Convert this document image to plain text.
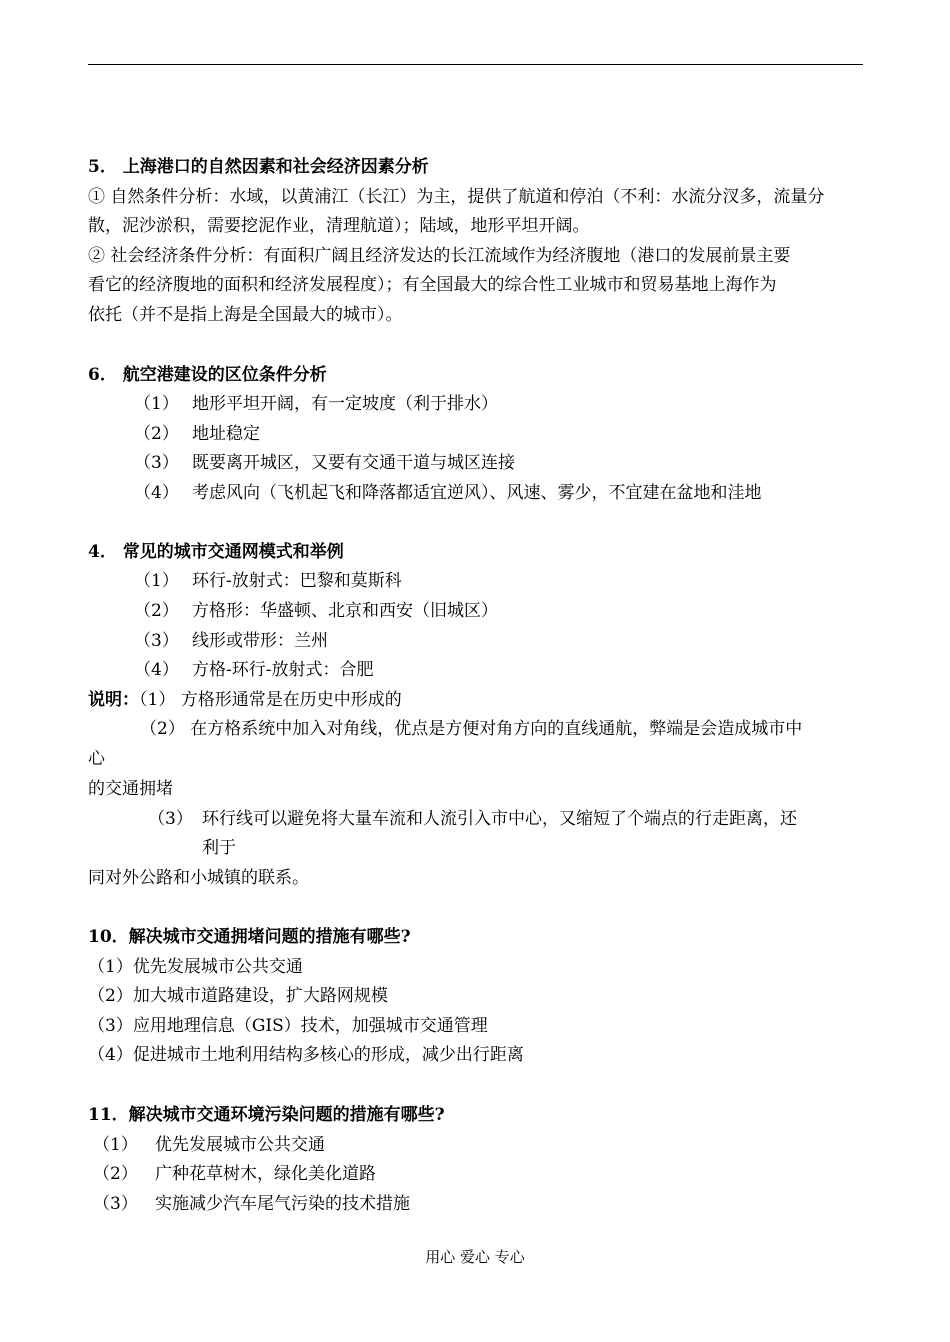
5． 上海港口的自然因素和社会经济因素分析
① 自然条件分析：水域，以黄浦江（长江）为主，提供了航道和停泊（不利：水流分汊多，流量分
散，泥沙淤积，需要挖泥作业，清理航道）；陆域，地形平坦开阔。
② 社会经济条件分析：有面积广阔且经济发达的长江流域作为经济腹地（港口的发展前景主要
看它的经济腹地的面积和经济发展程度）；有全国最大的综合性工业城市和贸易基地上海作为
依托（并不是指上海是全国最大的城市）。
6． 航空港建设的区位条件分析
（1） 地形平坦开阔，有一定坡度（利于排水）
（2） 地址稳定
（3） 既要离开城区，又要有交通干道与城区连接
（4） 考虑风向（飞机起飞和降落都适宜逆风）、风速、雾少，不宜建在盆地和洼地
4． 常见的城市交通网模式和举例
（1） 环行-放射式：巴黎和莫斯科
（2） 方格形：华盛顿、北京和西安（旧城区）
（3） 线形或带形：兰州
（4） 方格-环行-放射式：合肥
说明：（1） 方格形通常是在历史中形成的
（2） 在方格系统中加入对角线，优点是方便对角方向的直线通航，弊端是会造成城市中
心
的交通拥堵
（3） 环行线可以避免将大量车流和人流引入市中心，又缩短了个端点的行走距离，还
利于
同对外公路和小城镇的联系。
10．解决城市交通拥堵问题的措施有哪些?
（1）优先发展城市公共交通
（2）加大城市道路建设，扩大路网规模
（3）应用地理信息（GIS）技术，加强城市交通管理
（4）促进城市土地利用结构多核心的形成，减少出行距离
11．解决城市交通环境污染问题的措施有哪些?
（1） 优先发展城市公共交通
（2） 广种花草树木，绿化美化道路
（3） 实施减少汽车尾气污染的技术措施
用心 爱心 专心
